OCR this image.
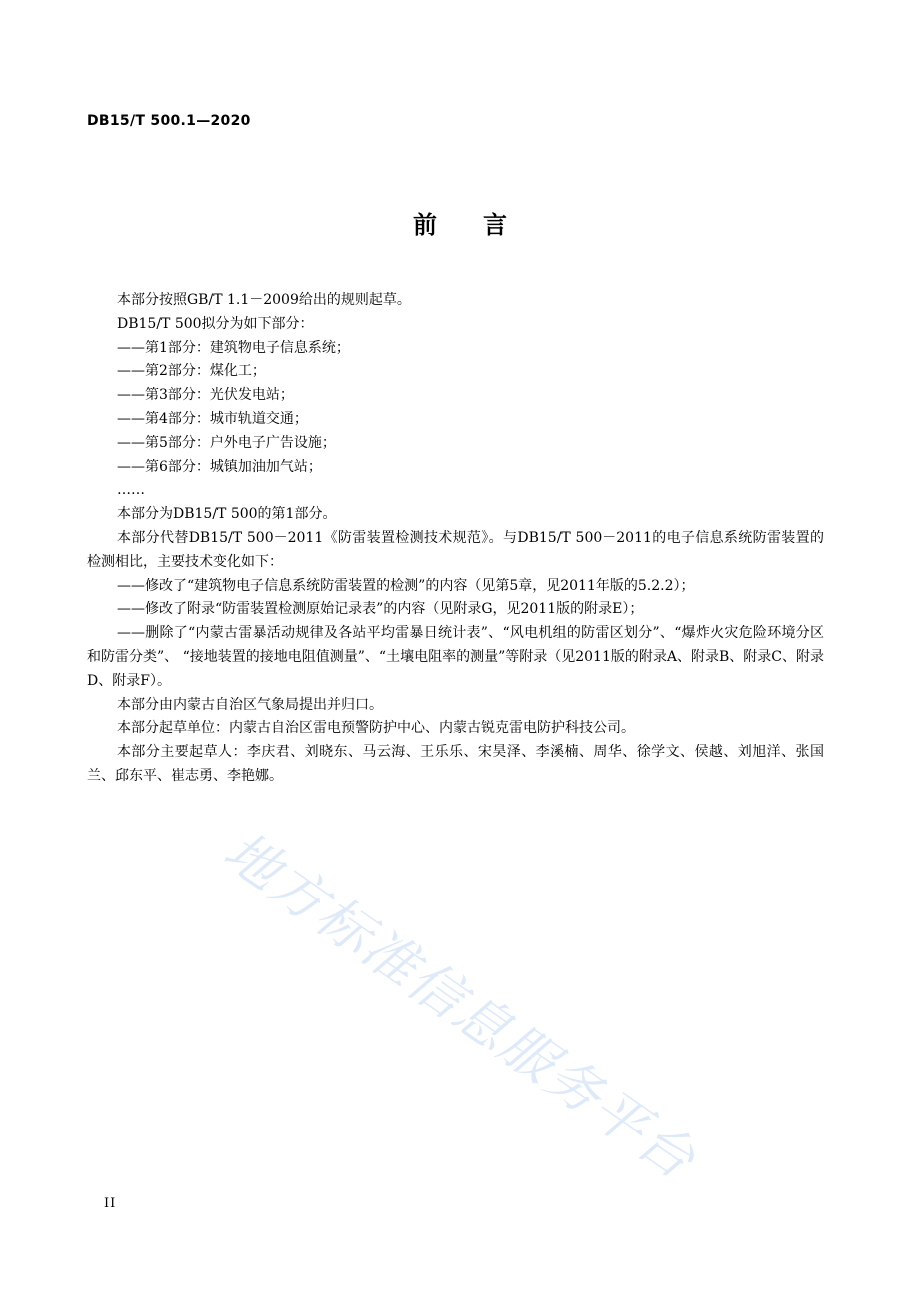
DB15/T 500.1—2020
前 言

本部分按照GB/T 1.1－2009给出的规则起草。

DB15/T 500拟分为如下部分：

——第1部分：建筑物电子信息系统；

——第2部分：煤化工；

——第3部分：光伏发电站；

——第4部分：城市轨道交通；

——第5部分：户外电子广告设施；

——第6部分：城镇加油加气站；

……

本部分为DB15/T 500的第1部分。

本部分代替DB15/T 500－2011《防雷装置检测技术规范》。与DB15/T 500－2011的电子信息系统防雷装置的检测相比，主要技术变化如下：

——修改了“建筑物电子信息系统防雷装置的检测”的内容（见第5章，见2011年版的5.2.2）；

——修改了附录“防雷装置检测原始记录表”的内容（见附录G，见2011版的附录E）；

——删除了“内蒙古雷暴活动规律及各站平均雷暴日统计表”、“风电机组的防雷区划分”、“爆炸火灾危险环境分区和防雷分类”、 “接地装置的接地电阻值测量”、“土壤电阻率的测量”等附录（见2011版的附录A、附录B、附录C、附录D、附录F）。

本部分由内蒙古自治区气象局提出并归口。

本部分起草单位：内蒙古自治区雷电预警防护中心、内蒙古锐克雷电防护科技公司。

本部分主要起草人：李庆君、刘晓东、马云海、王乐乐、宋昊泽、李溪楠、周华、徐学文、侯越、刘旭洋、张国兰、邱东平、崔志勇、李艳娜。

地方标准信息服务平台
II
